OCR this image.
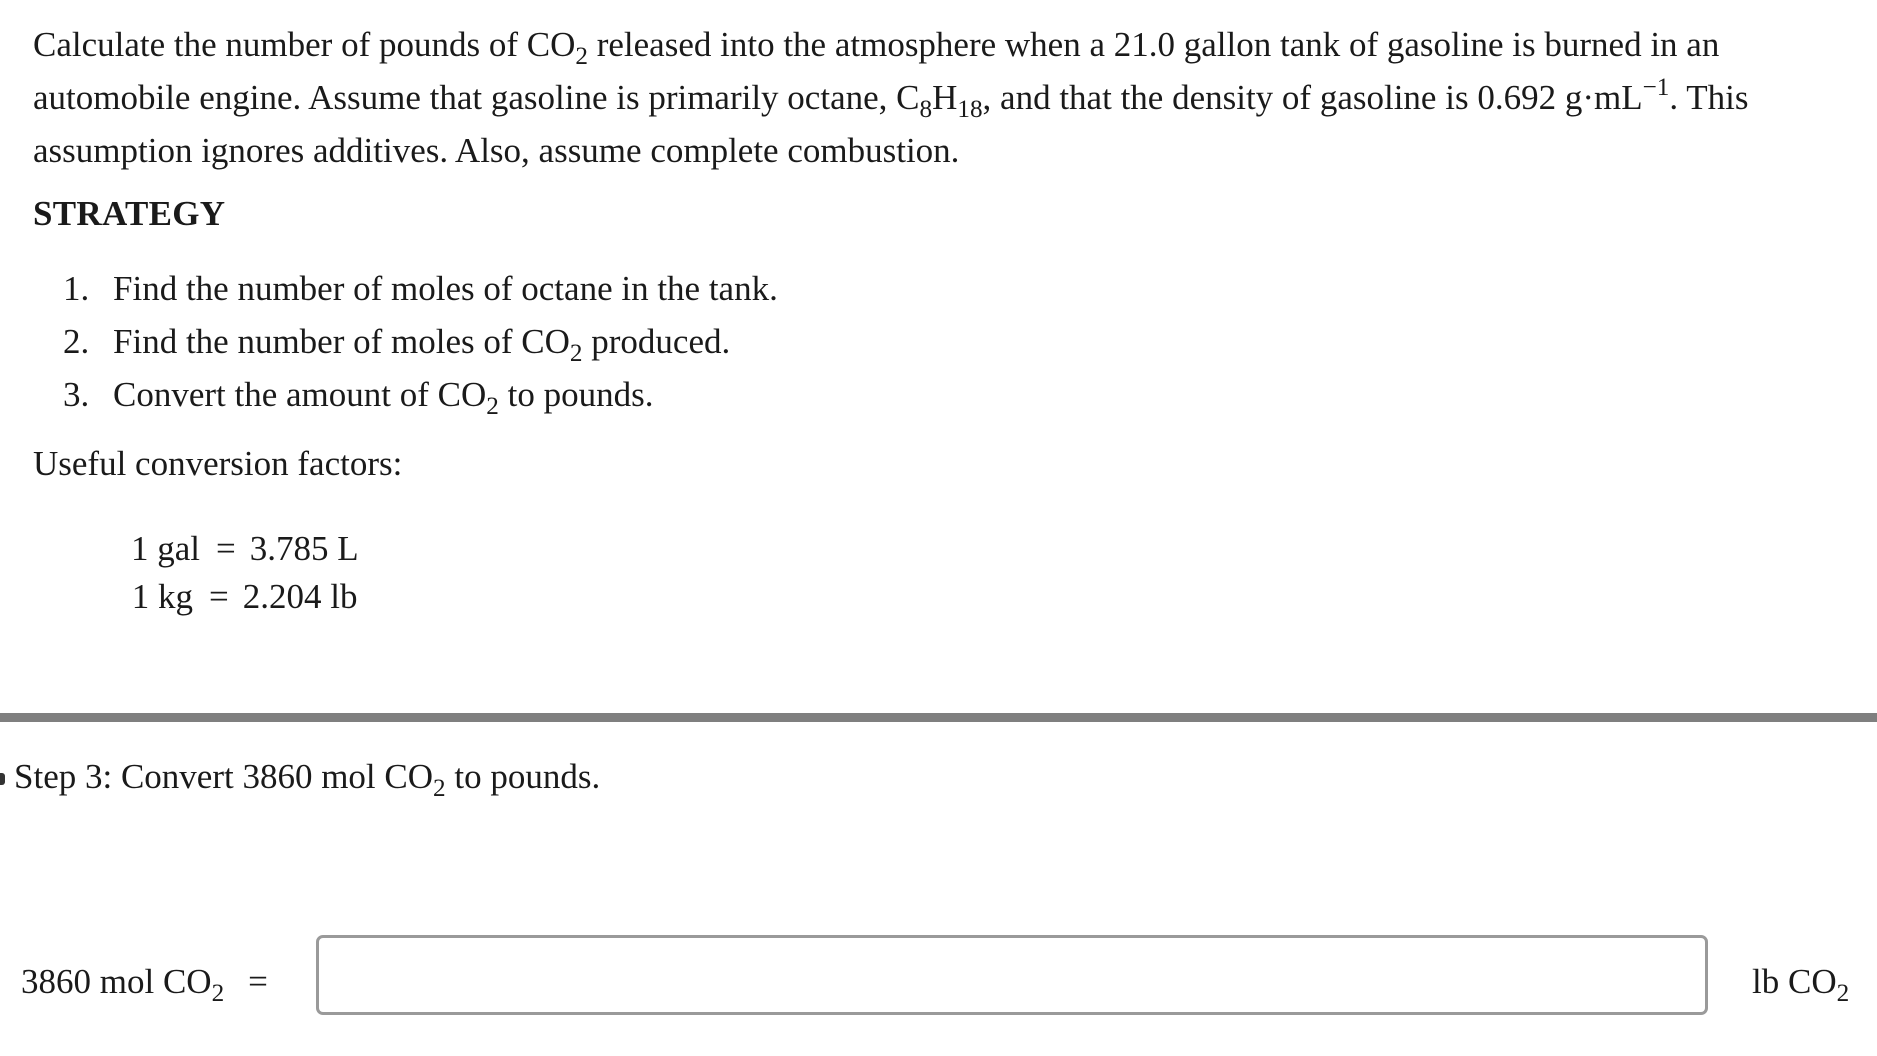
Calculate the number of pounds of $CO_2$ released into the atmosphere when a 21.0 gallon tank of gasoline is burned in an

automobile engine. Assume that gasoline is primarily octane, $C_8H_{18}$, and that the density of gasoline is 0.692 $g\cdot mL^{-1}$. This

assumption ignores additives. Also, assume complete combustion.

STRATEGY
1. Find the number of moles of octane in the tank.
2. Find the number of moles of $CO_2$ produced.
3. Convert the amount of $CO_2$ to pounds.
Useful conversion factors:
1 gal = 3.785 L
1 kg = 2.204 lb
Step 3: Convert 3860 mol $CO_2$ to pounds.
3860 mol $CO_2$ =	lb $CO_2$
